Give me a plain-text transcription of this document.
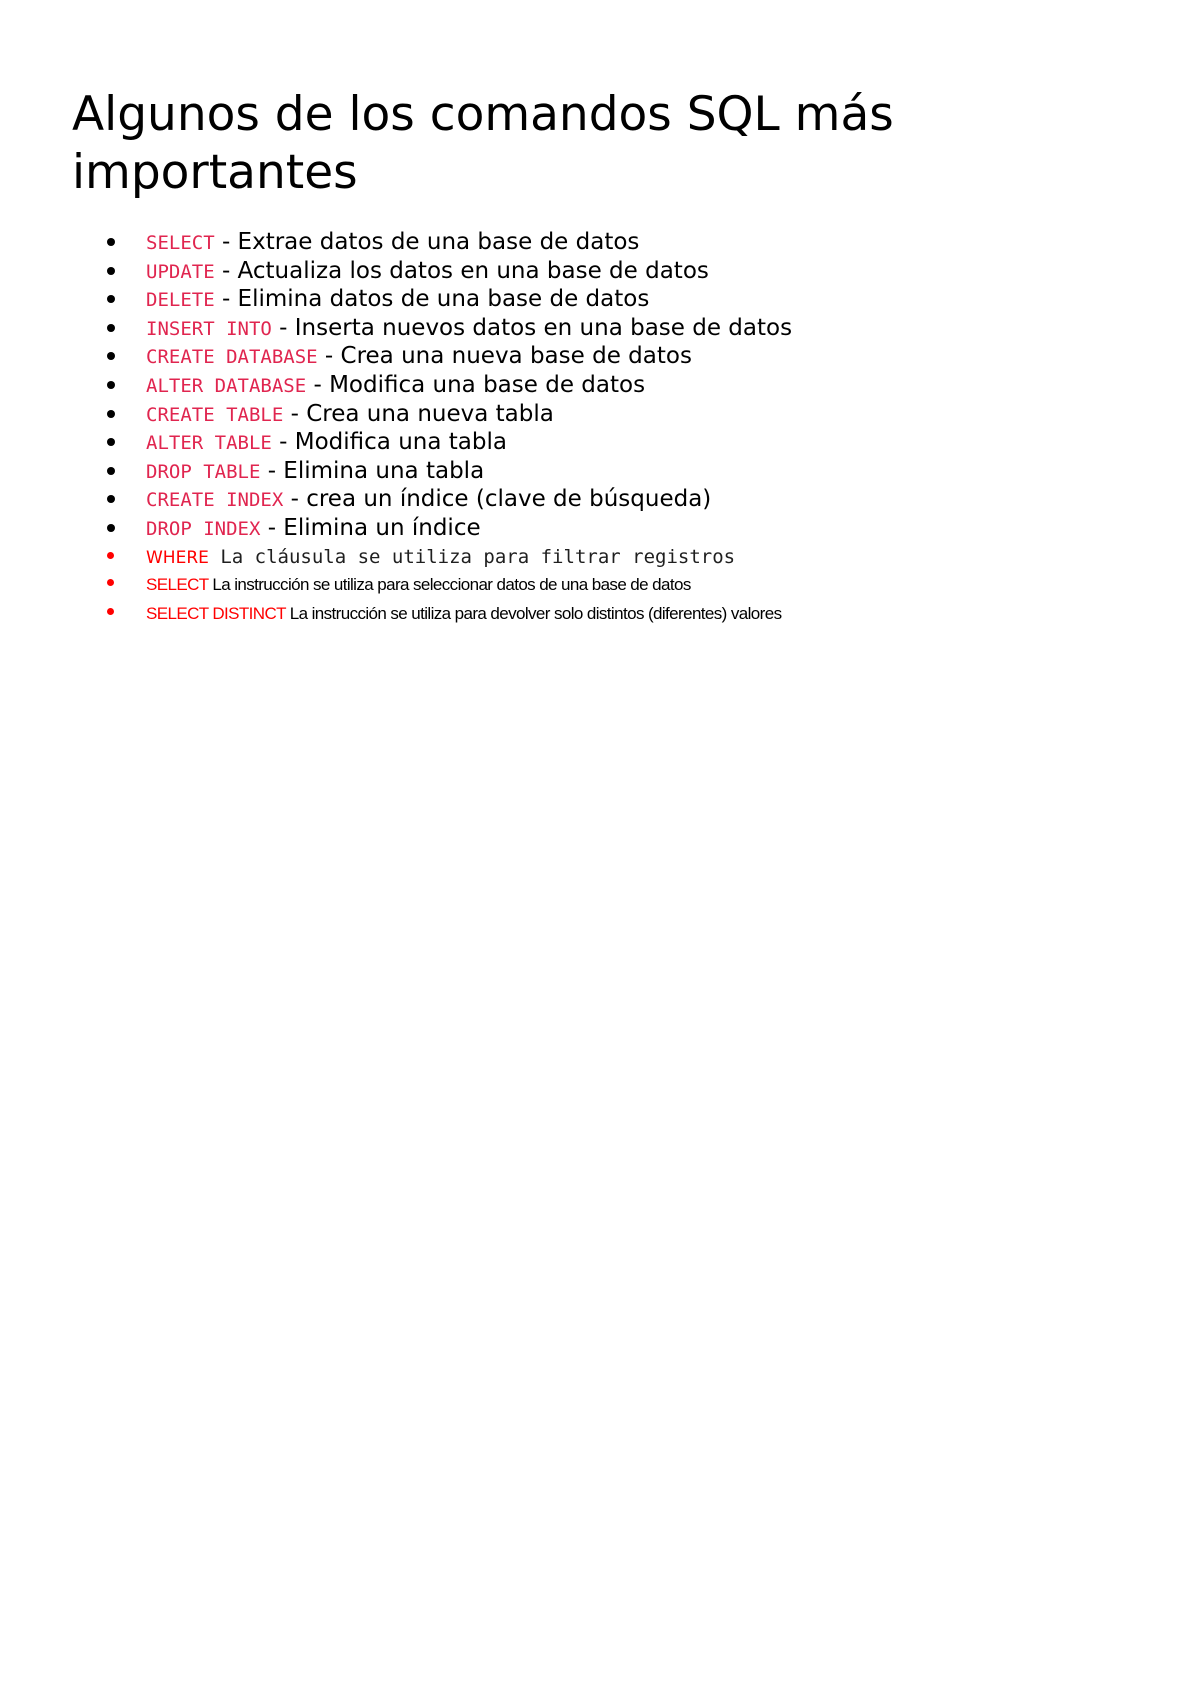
Algunos de los comandos SQL más importantes
SELECT - Extrae datos de una base de datos
UPDATE - Actualiza los datos en una base de datos
DELETE - Elimina datos de una base de datos
INSERT INTO - Inserta nuevos datos en una base de datos
CREATE DATABASE - Crea una nueva base de datos
ALTER DATABASE - Modifica una base de datos
CREATE TABLE - Crea una nueva tabla
ALTER TABLE - Modifica una tabla
DROP TABLE - Elimina una tabla
CREATE INDEX - crea un índice (clave de búsqueda)
DROP INDEX - Elimina un índice
WHERE La cláusula se utiliza para filtrar registros
SELECT La instrucción se utiliza para seleccionar datos de una base de datos
SELECT DISTINCT La instrucción se utiliza para devolver solo distintos (diferentes) valores
